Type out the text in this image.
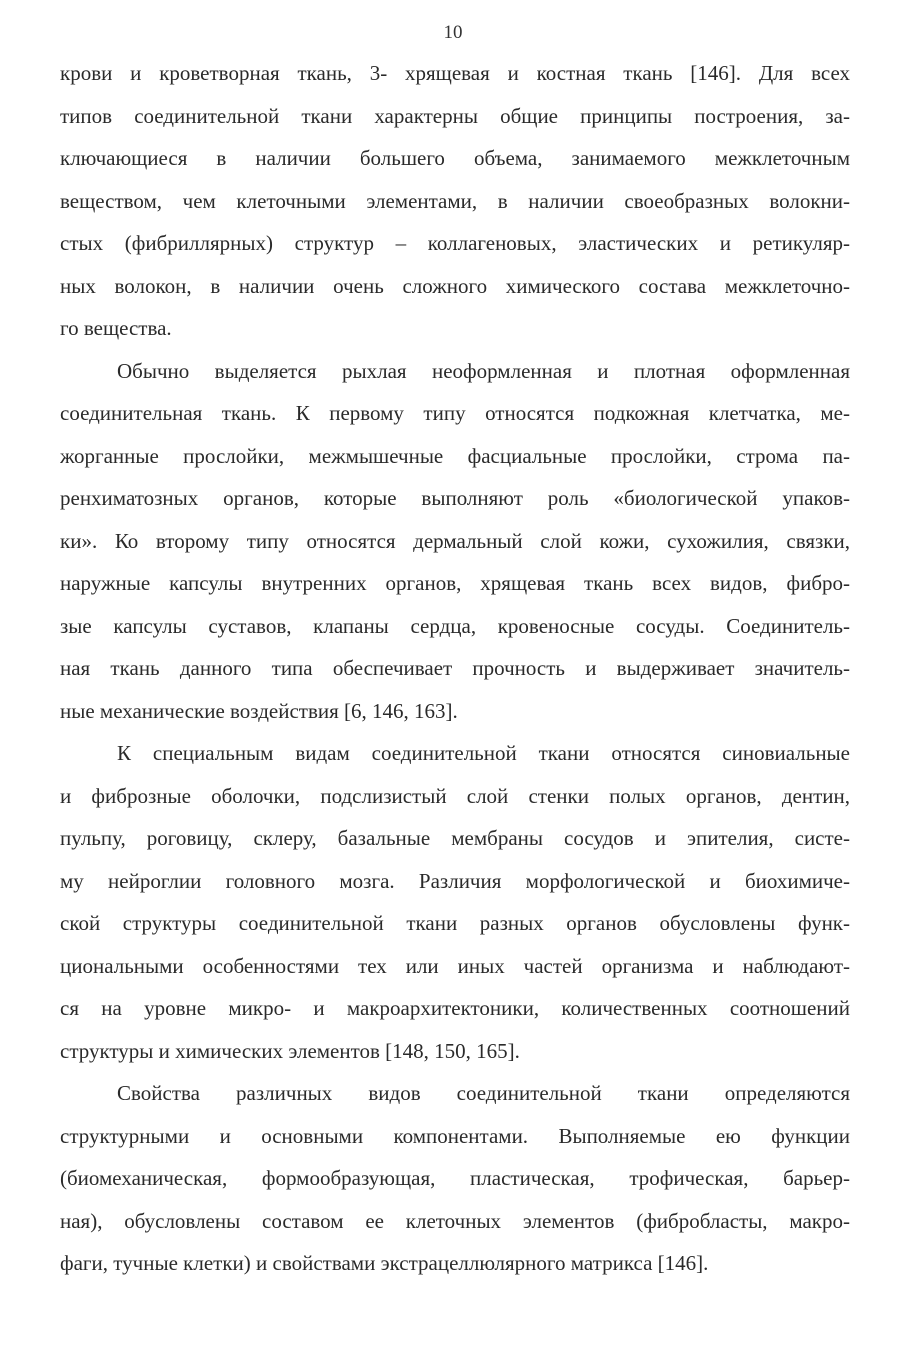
10
крови и кроветворная ткань, 3- хрящевая и костная ткань [146]. Для всех
типов соединительной ткани характерны общие принципы построения, за-
ключающиеся в наличии большего объема, занимаемого межклеточным
веществом, чем клеточными элементами, в наличии своеобразных волокни-
стых (фибриллярных) структур – коллагеновых, эластических и ретикуляр-
ных волокон, в наличии очень сложного химического состава межклеточно-
го вещества.
Обычно выделяется рыхлая неоформленная и плотная оформленная
соединительная ткань. К первому типу относятся подкожная клетчатка, ме-
жорганные прослойки, межмышечные фасциальные прослойки, строма па-
ренхиматозных органов, которые выполняют роль «биологической упаков-
ки». Ко второму типу относятся дермальный слой кожи, сухожилия, связки,
наружные капсулы внутренних органов, хрящевая ткань всех видов, фибро-
зые капсулы суставов, клапаны сердца, кровеносные сосуды. Соединитель-
ная ткань данного типа обеспечивает прочность и выдерживает значитель-
ные механические воздействия [6, 146, 163].
К специальным видам соединительной ткани относятся синовиальные
и фиброзные оболочки, подслизистый слой стенки полых органов, дентин,
пульпу, роговицу, склеру, базальные мембраны сосудов и эпителия, систе-
му нейроглии головного мозга. Различия морфологической и биохимиче-
ской структуры соединительной ткани разных органов обусловлены функ-
циональными особенностями тех или иных частей организма и наблюдают-
ся на уровне микро- и макроархитектоники, количественных соотношений
структуры и химических элементов [148, 150, 165].
Свойства различных видов соединительной ткани определяются
структурными и основными компонентами. Выполняемые ею функции
(биомеханическая, формообразующая, пластическая, трофическая, барьер-
ная), обусловлены составом ее клеточных элементов (фибробласты, макро-
фаги, тучные клетки) и свойствами экстрацеллюлярного матрикса [146].
